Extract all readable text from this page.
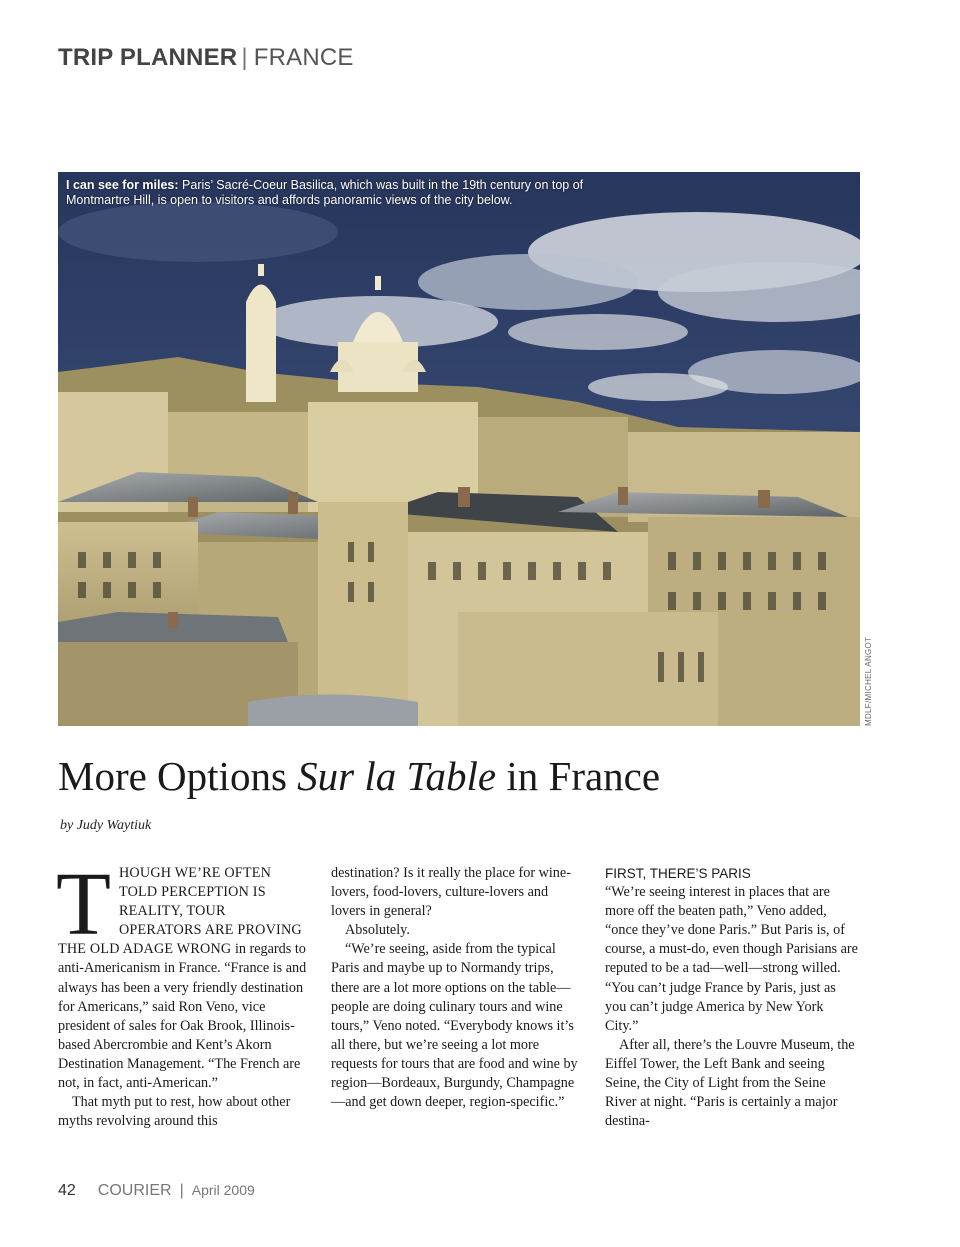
TRIP PLANNER | FRANCE
I can see for miles: Paris’ Sacré-Coeur Basilica, which was built in the 19th century on top of Montmartre Hill, is open to visitors and affords panoramic views of the city below.
MDLF/MICHEL ANGOT
More Options Sur la Table in France
by Judy Waytiuk

THOUGH WE’RE OFTEN TOLD PERCEPTION IS REALITY, TOUR OPERATORS ARE PROVING THE OLD ADAGE WRONG in regards to anti-Americanism in France. “France is and always has been a very friendly destination for Americans,” said Ron Veno, vice president of sales for Oak Brook, Illinois-based Abercrombie and Kent’s Akorn Destination Management. “The French are not, in fact, anti-American.”

That myth put to rest, how about other myths revolving around this

destination? Is it really the place for wine-lovers, food-lovers, culture-lovers and lovers in general?

Absolutely.

“We’re seeing, aside from the typical Paris and maybe up to Normandy trips, there are a lot more options on the table—people are doing culinary tours and wine tours,” Veno noted. “Everybody knows it’s all there, but we’re seeing a lot more requests for tours that are food and wine by region—Bordeaux, Burgundy, Champagne—and get down deeper, region-specific.”

FIRST, THERE’S PARIS

“We’re seeing interest in places that are more off the beaten path,” Veno added, “once they’ve done Paris.” But Paris is, of course, a must-do, even though Parisians are reputed to be a tad—well—strong willed. “You can’t judge France by Paris, just as you can’t judge America by New York City.”

After all, there’s the Louvre Museum, the Eiffel Tower, the Left Bank and seeing Seine, the City of Light from the Seine River at night. “Paris is certainly a major destina-

42 COURIER | April 2009
